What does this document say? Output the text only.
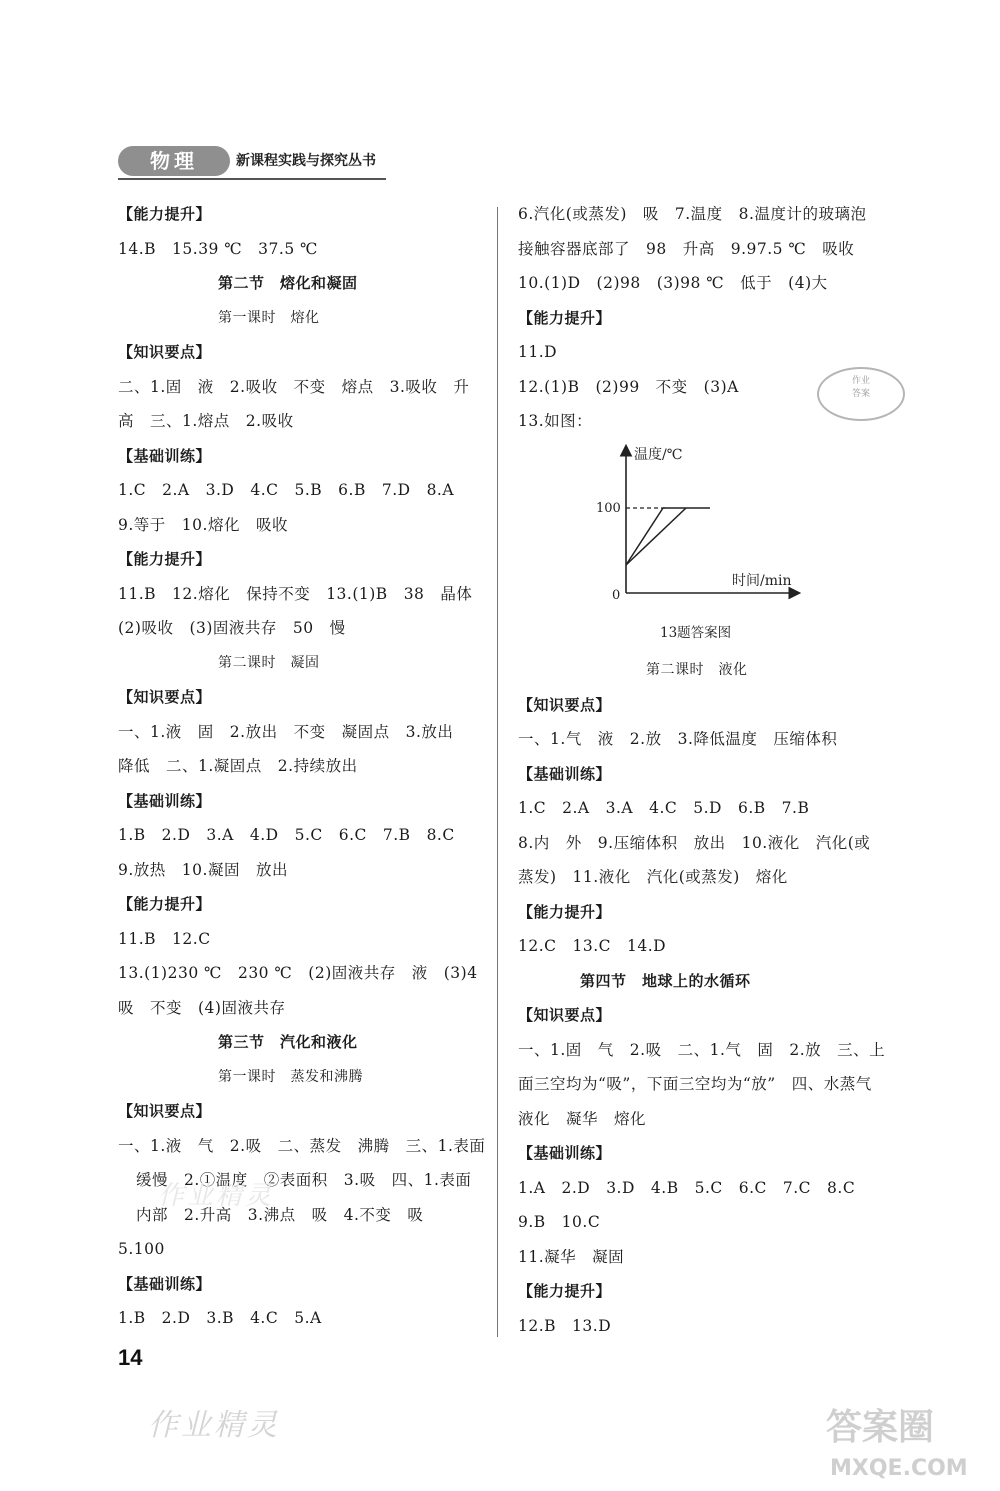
物理	新课程实践与探究丛书
【能力提升】
14.B　15.39 ℃　37.5 ℃
第二节　熔化和凝固
第一课时　熔化
【知识要点】
二、1.固　液　2.吸收　不变　熔点　3.吸收　升
高　三、1.熔点　2.吸收
【基础训练】
1.C　2.A　3.D　4.C　5.B　6.B　7.D　8.A
9.等于　10.熔化　吸收
【能力提升】
11.B　12.熔化　保持不变　13.(1)B　38　晶体
(2)吸收　(3)固液共存　50　慢
第二课时　凝固
【知识要点】
一、1.液　固　2.放出　不变　凝固点　3.放出
降低　二、1.凝固点　2.持续放出
【基础训练】
1.B　2.D　3.A　4.D　5.C　6.C　7.B　8.C
9.放热　10.凝固　放出
【能力提升】
11.B　12.C
13.(1)230 ℃　230 ℃　(2)固液共存　液　(3)4
吸　不变　(4)固液共存
第三节　汽化和液化
第一课时　蒸发和沸腾
【知识要点】
一、1.液　气　2.吸　二、蒸发　沸腾　三、1.表面
缓慢　2.①温度　②表面积　3.吸　四、1.表面
内部　2.升高　3.沸点　吸　4.不变　吸
5.100
【基础训练】
1.B　2.D　3.B　4.C　5.A
6.汽化(或蒸发)　吸　7.温度　8.温度计的玻璃泡
接触容器底部了　98　升高　9.97.5 ℃　吸收
10.(1)D　(2)98　(3)98 ℃　低于　(4)大
【能力提升】
11.D
12.(1)B　(2)99　不变　(3)A
13.如图：
作业
答案
温度/℃
时间/min
0
100
13题答案图
第二课时　液化
【知识要点】
一、1.气　液　2.放　3.降低温度　压缩体积
【基础训练】
1.C　2.A　3.A　4.C　5.D　6.B　7.B
8.内　外　9.压缩体积　放出　10.液化　汽化(或
蒸发)　11.液化　汽化(或蒸发)　熔化
【能力提升】
12.C　13.C　14.D
第四节　地球上的水循环
【知识要点】
一、1.固　气　2.吸　二、1.气　固　2.放　三、上
面三空均为“吸”，下面三空均为“放”　四、水蒸气
液化　凝华　熔化
【基础训练】
1.A　2.D　3.D　4.B　5.C　6.C　7.C　8.C
9.B　10.C
11.凝华　凝固
【能力提升】
12.B　13.D
14
作业精灵
作业精灵	答案圈
MXQE.COM
